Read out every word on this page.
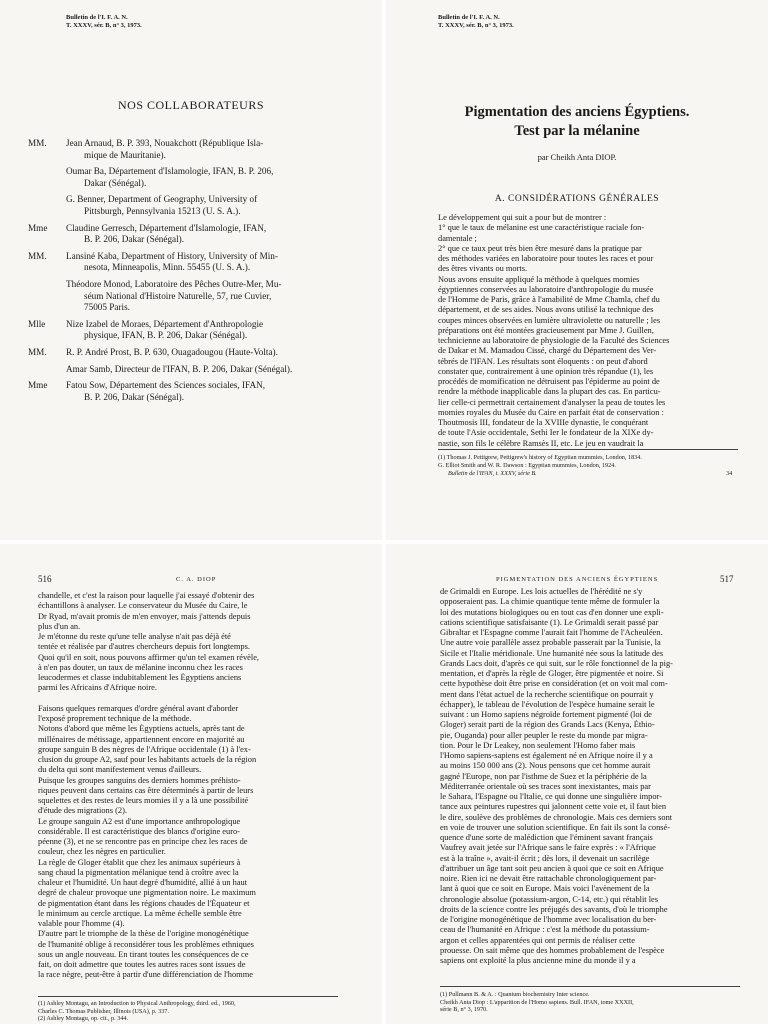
Bulletin de l'I. F. A. N.
T. XXXV, sér. B, n° 3, 1973.
NOS COLLABORATEURS
MM.	Jean Arnaud, B. P. 393, Nouakchott (République Isla-
mique de Mauritanie).
Oumar Ba, Département d'Islamologie, IFAN, B. P. 206,
Dakar (Sénégal).
G. Benner, Department of Geography, University of
Pittsburgh, Pennsylvania 15213 (U. S. A.).
Mme	Claudine Gerresch, Département d'Islamologie, IFAN,
B. P. 206, Dakar (Sénégal).
MM.	Lansiné Kaba, Department of History, University of Min-
nesota, Minneapolis, Minn. 55455 (U. S. A.).
Théodore Monod, Laboratoire des Pêches Outre-Mer, Mu-
séum National d'Histoire Naturelle, 57, rue Cuvier,
75005 Paris.
Mlle	Nize Izabel de Moraes, Département d'Anthropologie
physique, IFAN, B. P. 206, Dakar (Sénégal).
MM.	R. P. André Prost, B. P. 630, Ouagadougou (Haute-Volta).
Amar Samb, Directeur de l'IFAN, B. P. 206, Dakar (Sénégal).
Mme	Fatou Sow, Département des Sciences sociales, IFAN,
B. P. 206, Dakar (Sénégal).
Bulletin de l'I. F. A. N.
T. XXXV, sér. B, n° 3, 1973.
Pigmentation des anciens Égyptiens.
Test par la mélanine
par Cheikh Anta DIOP.
A. CONSIDÉRATIONS GÉNÉRALES

Le développement qui suit a pour but de montrer :

1° que le taux de mélanine est une caractéristique raciale fon-

damentale ;

2° que ce taux peut très bien être mesuré dans la pratique par

des méthodes variées en laboratoire pour toutes les races et pour

des êtres vivants ou morts.

Nous avons ensuite appliqué la méthode à quelques momies

égyptiennes conservées au laboratoire d'anthropologie du musée

de l'Homme de Paris, grâce à l'amabilité de Mme Chamla, chef du

département, et de ses aides. Nous avons utilisé la technique des

coupes minces observées en lumière ultraviolette ou naturelle ; les

préparations ont été montées gracieusement par Mme J. Guillen,

technicienne au laboratoire de physiologie de la Faculté des Sciences

de Dakar et M. Mamadou Cissé, chargé du Département des Ver-

tébrés de l'IFAN. Les résultats sont éloquents : on peut d'abord

constater que, contrairement à une opinion très répandue (1), les

procédés de momification ne détruisent pas l'épiderme au point de

rendre la méthode inapplicable dans la plupart des cas. En particu-

lier celle-ci permettrait certainement d'analyser la peau de toutes les

momies royales du Musée du Caire en parfait état de conservation :

Thoutmosis III, fondateur de la XVIIIe dynastie, le conquérant

de toute l'Asie occidentale, Sethi Ier le fondateur de la XIXe dy-

nastie, son fils le célèbre Ramsès II, etc. Le jeu en vaudrait la

(1) Thomas J. Pettigrew, Pettigrew's history of Egyptian mummies, London, 1834.

G. Elliot Smith and W. R. Dawson : Egyptian mummies, London, 1924.

Bulletin de l'IFAN, t. XXXV, série B.	34
516	C. A. DIOP

chandelle, et c'est la raison pour laquelle j'ai essayé d'obtenir des

échantillons à analyser. Le conservateur du Musée du Caire, le

Dr Ryad, m'avait promis de m'en envoyer, mais j'attends depuis

plus d'un an.

Je m'étonne du reste qu'une telle analyse n'ait pas déjà été

tentée et réalisée par d'autres chercheurs depuis fort longtemps.

Quoi qu'il en soit, nous pouvons affirmer qu'un tel examen révèle,

à n'en pas douter, un taux de mélanine inconnu chez les races

leucodermes et classe indubitablement les Égyptiens anciens

parmi les Africains d'Afrique noire.

Faisons quelques remarques d'ordre général avant d'aborder

l'exposé proprement technique de la méthode.

Notons d'abord que même les Égyptiens actuels, après tant de

millénaires de métissage, appartiennent encore en majorité au

groupe sanguin B des nègres de l'Afrique occidentale (1) à l'ex-

clusion du groupe A2, sauf pour les habitants actuels de la région

du delta qui sont manifestement venus d'ailleurs.

Puisque les groupes sanguins des derniers hommes préhisto-

riques peuvent dans certains cas être déterminés à partir de leurs

squelettes et des restes de leurs momies il y a là une possibilité

d'étude des migrations (2).

Le groupe sanguin A2 est d'une importance anthropologique

considérable. Il est caractéristique des blancs d'origine euro-

péenne (3), et ne se rencontre pas en principe chez les races de

couleur, chez les nègres en particulier.

La règle de Gloger établit que chez les animaux supérieurs à

sang chaud la pigmentation mélanique tend à croître avec la

chaleur et l'humidité. Un haut degré d'humidité, allié à un haut

degré de chaleur provoque une pigmentation noire. Le maximum

de pigmentation étant dans les régions chaudes de l'Équateur et

le minimum au cercle arctique. La même échelle semble être

valable pour l'homme (4).

D'autre part le triomphe de la thèse de l'origine monogénétique

de l'humanité oblige à reconsidérer tous les problèmes ethniques

sous un angle nouveau. En tirant toutes les conséquences de ce

fait, on doit admettre que toutes les autres races sont issues de

la race nègre, peut-être à partir d'une différenciation de l'homme

(1) Ashley Montagu, an Introduction to Physical Anthropology, third. ed., 1960,

Charles C. Thomas Publisher, Illinois (USA), p. 337.

(2) Ashley Montagu, op. cit., p. 344.

PIGMENTATION DES ANCIENS ÉGYPTIENS	517

de Grimaldi en Europe. Les lois actuelles de l'hérédité ne s'y

opposeraient pas. La chimie quantique tente même de formuler la

loi des mutations biologiques ou en tout cas d'en donner une expli-

cations scientifique satisfaisante (1). Le Grimaldi serait passé par

Gibraltar et l'Espagne comme l'aurait fait l'homme de l'Acheuléen.

Une autre voie parallèle assez probable passerait par la Tunisie, la

Sicile et l'Italie méridionale. Une humanité née sous la latitude des

Grands Lacs doit, d'après ce qui suit, sur le rôle fonctionnel de la pig-

mentation, et d'après la règle de Gloger, être pigmentée et noire. Si

cette hypothèse doit être prise en considération (et on voit mal com-

ment dans l'état actuel de la recherche scientifique on pourrait y

échapper), le tableau de l'évolution de l'espèce humaine serait le

suivant : un Homo sapiens négroïde fortement pigmenté (loi de

Gloger) serait parti de la région des Grands Lacs (Kenya, Éthio-

pie, Ouganda) pour aller peupler le reste du monde par migra-

tion. Pour le Dr Leakey, non seulement l'Homo faber mais

l'Homo sapiens-sapiens est également né en Afrique noire il y a

au moins 150 000 ans (2). Nous pensons que cet homme aurait

gagné l'Europe, non par l'isthme de Suez et la périphérie de la

Méditerranée orientale où ses traces sont inexistantes, mais par

le Sahara, l'Espagne ou l'Italie, ce qui donne une singulière impor-

tance aux peintures rupestres qui jalonnent cette voie et, il faut bien

le dire, soulève des problèmes de chronologie. Mais ces derniers sont

en voie de trouver une solution scientifique. En fait ils sont la consé-

quence d'une sorte de malédiction que l'éminent savant français

Vaufrey avait jetée sur l'Afrique sans le faire exprès : « l'Afrique

est à la traîne », avait-il écrit ; dès lors, il devenait un sacrilège

d'attribuer un âge tant soit peu ancien à quoi que ce soit en Afrique

noire. Rien ici ne devait être rattachable chronologiquement par-

lant à quoi que ce soit en Europe. Mais voici l'avènement de la

chronologie absolue (potassium-argon, C-14, etc.) qui rétablit les

droits de la science contre les préjugés des savants, d'où le triomphe

de l'origine monogénétique de l'homme avec localisation du ber-

ceau de l'humanité en Afrique : c'est la méthode du potassium-

argon et celles apparentées qui ont permis de réaliser cette

prouesse. On sait même que des hommes probablement de l'espèce

sapiens ont exploité la plus ancienne mine du monde il y a

(1) Pullmann B. & A. : Quantum biochemistry Inter science.

Cheikh Anta Diop : L'apparition de l'Homo sapiens. Bull. IFAN, tome XXXII,

série B, n° 3, 1970.
